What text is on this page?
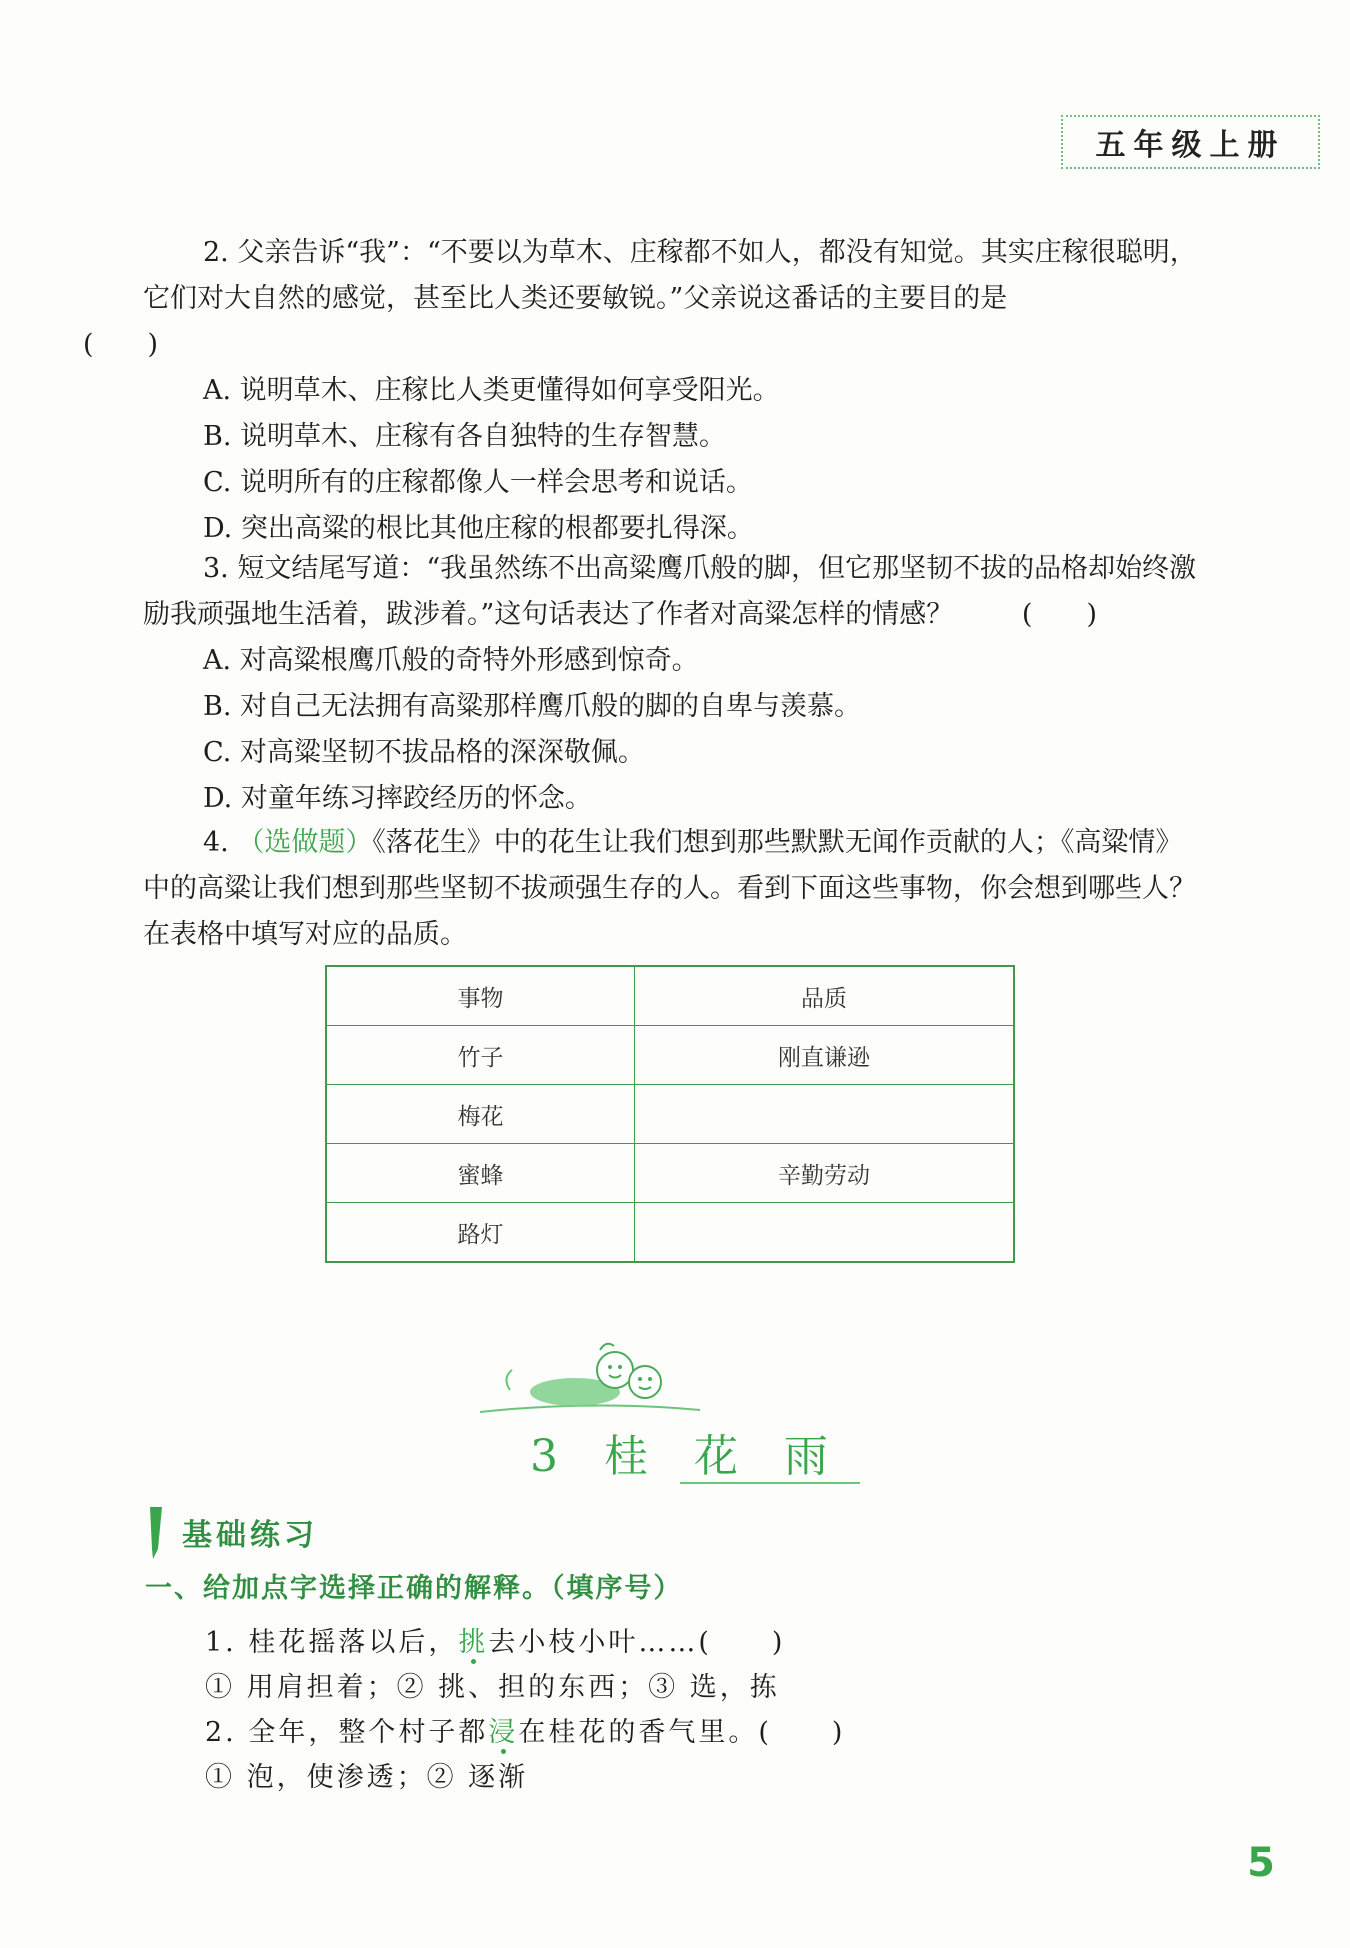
五年级上册

2. 父亲告诉“我”：“不要以为草木、庄稼都不如人，都没有知觉。其实庄稼很聪明，它们对大自然的感觉，甚至比人类还要敏锐。”父亲说这番话的主要目的是
(　　)

A. 说明草木、庄稼比人类更懂得如何享受阳光。

B. 说明草木、庄稼有各自独特的生存智慧。

C. 说明所有的庄稼都像人一样会思考和说话。

D. 突出高粱的根比其他庄稼的根都要扎得深。

3. 短文结尾写道：“我虽然练不出高粱鹰爪般的脚，但它那坚韧不拔的品格却始终激励我顽强地生活着，跋涉着。”这句话表达了作者对高粱怎样的情感？	(　　)

A. 对高粱根鹰爪般的奇特外形感到惊奇。

B. 对自己无法拥有高粱那样鹰爪般的脚的自卑与羡慕。

C. 对高粱坚韧不拔品格的深深敬佩。

D. 对童年练习摔跤经历的怀念。

4. （选做题）《落花生》中的花生让我们想到那些默默无闻作贡献的人；《高粱情》中的高粱让我们想到那些坚韧不拔顽强生存的人。看到下面这些事物，你会想到哪些人？在表格中填写对应的品质。

事物	品质
竹子	刚直谦逊
梅花	
蜜蜂	辛勤劳动
路灯	
3 桂 花 雨
基础练习
一、给加点字选择正确的解释。（填序号）

1. 桂花摇落以后，挑去小枝小叶……(　　)

① 用肩担着；② 挑、担的东西；③ 选，拣

2. 全年，整个村子都浸在桂花的香气里。(　　)

① 泡，使渗透；② 逐渐

5
